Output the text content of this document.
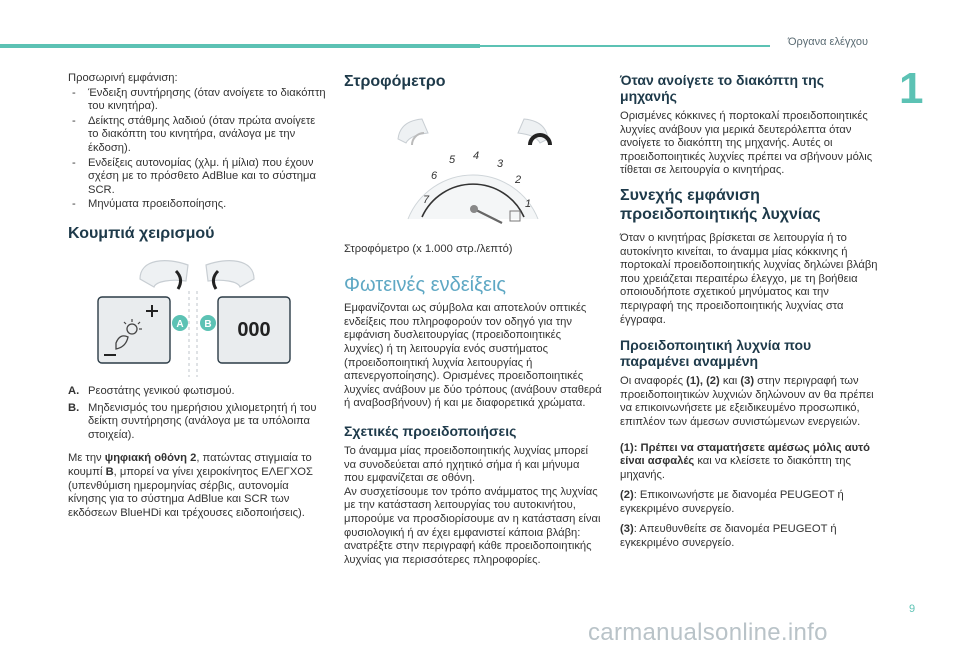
Όργανα ελέγχου
1
9
carmanualsonline.info

Προσωρινή εμφάνιση:

- Ένδειξη συντήρησης (όταν ανοίγετε το διακόπτη του κινητήρα).
- Δείκτης στάθμης λαδιού (όταν πρώτα ανοίγετε το διακόπτη του κινητήρα, ανάλογα με την έκδοση).
- Ενδείξεις αυτονομίας (χλμ. ή μίλια) που έχουν σχέση με το πρόσθετο AdBlue και το σύστημα SCR.
- Μηνύματα προειδοποίησης.
Κουμπιά χειρισμού
000
A B
A. Ρεοστάτης γενικού φωτισμού.
B. Μηδενισμός του ημερήσιου χιλιομετρητή ή του δείκτη συντήρησης (ανάλογα με τα υπόλοιπα στοιχεία).

Με την ψηφιακή οθόνη 2, πατώντας στιγμιαία το κουμπί B, μπορεί να γίνει χειροκίνητος ΕΛΕΓΧΟΣ (υπενθύμιση ημερομηνίας σέρβις, αυτονομία κίνησης για το σύστημα AdBlue και SCR των εκδόσεων BlueHDi και τρέχουσες ειδοποιήσεις).

Στροφόμετρο
1
2
3
4
5
6
7

Στροφόμετρο (x 1.000 στρ./λεπτό)

Φωτεινές ενδείξεις

Εμφανίζονται ως σύμβολα και αποτελούν οπτικές ενδείξεις που πληροφορούν τον οδηγό για την εμφάνιση δυσλειτουργίας (προειδοποιητικές λυχνίες) ή τη λειτουργία ενός συστήματος (προειδοποιητική λυχνία λειτουργίας ή απενεργοποίησης). Ορισμένες προειδοποιητικές λυχνίες ανάβουν με δύο τρόπους (ανάβουν σταθερά ή αναβοσβήνουν) ή και με διαφορετικά χρώματα.

Σχετικές προειδοποιήσεις

Το άναμμα μίας προειδοποιητικής λυχνίας μπορεί να συνοδεύεται από ηχητικό σήμα ή και μήνυμα που εμφανίζεται σε οθόνη.

Αν συσχετίσουμε τον τρόπο ανάμματος της λυχνίας με την κατάσταση λειτουργίας του αυτοκινήτου, μπορούμε να προσδιορίσουμε αν η κατάσταση είναι φυσιολογική ή αν έχει εμφανιστεί κάποια βλάβη: ανατρέξτε στην περιγραφή κάθε προειδοποιητικής λυχνίας για περισσότερες πληροφορίες.

Όταν ανοίγετε το διακόπτη της μηχανής

Ορισμένες κόκκινες ή πορτοκαλί προειδοποιητικές λυχνίες ανάβουν για μερικά δευτερόλεπτα όταν ανοίγετε το διακόπτη της μηχανής. Αυτές οι προειδοποιητικές λυχνίες πρέπει να σβήνουν μόλις τίθεται σε λειτουργία ο κινητήρας.

Συνεχής εμφάνιση προειδοποιητικής λυχνίας

Όταν ο κινητήρας βρίσκεται σε λειτουργία ή το αυτοκίνητο κινείται, το άναμμα μίας κόκκινης ή πορτοκαλί προειδοποιητικής λυχνίας δηλώνει βλάβη που χρειάζεται περαιτέρω έλεγχο, με τη βοήθεια οποιουδήποτε σχετικού μηνύματος και την περιγραφή της προειδοποιητικής λυχνίας στα έγγραφα.

Προειδοποιητική λυχνία που παραμένει αναμμένη

Οι αναφορές (1), (2) και (3) στην περιγραφή των προειδοποιητικών λυχνιών δηλώνουν αν θα πρέπει να επικοινωνήσετε με εξειδικευμένο προσωπικό, επιπλέον των άμεσων συνιστώμενων ενεργειών.

(1): Πρέπει να σταματήσετε αμέσως μόλις αυτό είναι ασφαλές και να κλείσετε το διακόπτη της μηχανής.

(2): Επικοινωνήστε με διανομέα PEUGEOT ή εγκεκριμένο συνεργείο.

(3): Απευθυνθείτε σε διανομέα PEUGEOT ή εγκεκριμένο συνεργείο.
